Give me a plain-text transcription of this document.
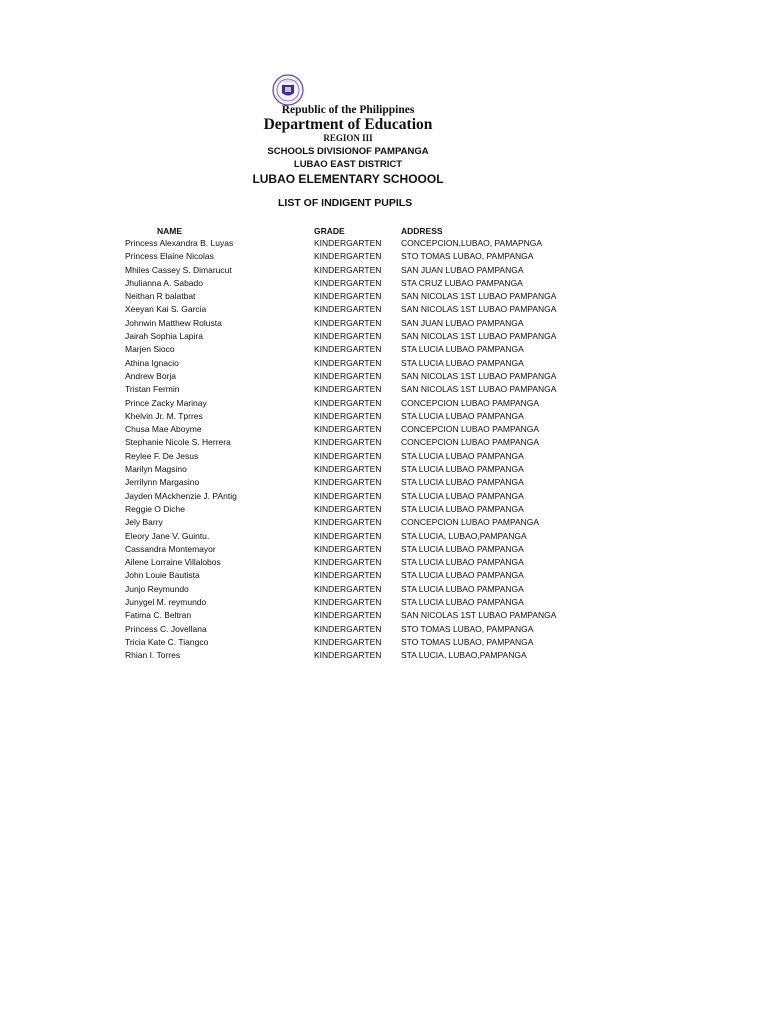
Republic of the Philippines
Department of Education
REGION III
SCHOOLS DIVISIONOF PAMPANGA
LUBAO EAST DISTRICT
LUBAO ELEMENTARY SCHOOOL
LIST OF INDIGENT PUPILS
NAME	GRADE	ADDRESS
Princess Alexandra B. Luyas	KINDERGARTEN CONCEPCION,LUBAO, PAMAPNGA
Princess Elaine Nicolas	KINDERGARTEN STO TOMAS LUBAO, PAMPANGA
Mhiles Cassey S. Dimarucut	KINDERGARTEN SAN JUAN LUBAO PAMPANGA
Jhulianna A. Sabado	KINDERGARTEN STA CRUZ LUBAO PAMPANGA
Neithan R balatbat	KINDERGARTEN SAN NICOLAS 1ST LUBAO PAMPANGA
Xeeyan Kai S. Garcia	KINDERGARTEN SAN NICOLAS 1ST LUBAO PAMPANGA
Johnwin Matthew Rolusta	KINDERGARTEN SAN JUAN LUBAO PAMPANGA
Jairah Sophia Lapira	KINDERGARTEN SAN NICOLAS 1ST LUBAO PAMPANGA
Marjen Sioco	KINDERGARTEN STA LUCIA LUBAO PAMPANGA
Athina Ignacio	KINDERGARTEN STA LUCIA LUBAO PAMPANGA
Andrew Borja	KINDERGARTEN SAN NICOLAS 1ST LUBAO PAMPANGA
Tristan Fermin	KINDERGARTEN SAN NICOLAS 1ST LUBAO PAMPANGA
Prince Zacky Marinay	KINDERGARTEN CONCEPCION LUBAO PAMPANGA
Khelvin Jr. M. Tprres	KINDERGARTEN STA LUCIA LUBAO PAMPANGA
Chusa Mae Aboyme	KINDERGARTEN CONCEPCION LUBAO PAMPANGA
Stephanie Nicole S. Herrera	KINDERGARTEN CONCEPCION LUBAO PAMPANGA
Reylee F. De Jesus	KINDERGARTEN STA LUCIA LUBAO PAMPANGA
Marilyn Magsino	KINDERGARTEN STA LUCIA LUBAO PAMPANGA
Jerrilynn Margasino	KINDERGARTEN STA LUCIA LUBAO PAMPANGA
Jayden MAckhenzie J. PAntig	KINDERGARTEN STA LUCIA LUBAO PAMPANGA
Reggie O Diche	KINDERGARTEN STA LUCIA LUBAO PAMPANGA
Jely Barry	KINDERGARTEN CONCEPCION LUBAO PAMPANGA
Eleory Jane V. Guintu.	KINDERGARTEN STA LUCIA, LUBAO,PAMPANGA
Cassandra Montemayor	KINDERGARTEN STA LUCIA LUBAO PAMPANGA
Ailene Lorraine Villalobos	KINDERGARTEN STA LUCIA LUBAO PAMPANGA
John Louie Bautista	KINDERGARTEN STA LUCIA LUBAO PAMPANGA
Junjo Reymundo	KINDERGARTEN STA LUCIA LUBAO PAMPANGA
Junygel M. reymundo	KINDERGARTEN STA LUCIA LUBAO PAMPANGA
Fatima C. Beltran	KINDERGARTEN SAN NICOLAS 1ST LUBAO PAMPANGA
Princess C. Jovellana	KINDERGARTEN STO TOMAS LUBAO, PAMPANGA
Tricia Kate C. Tiangco	KINDERGARTEN STO TOMAS LUBAO, PAMPANGA
Rhian I. Torres	KINDERGARTEN STA LUCIA, LUBAO,PAMPANGA
